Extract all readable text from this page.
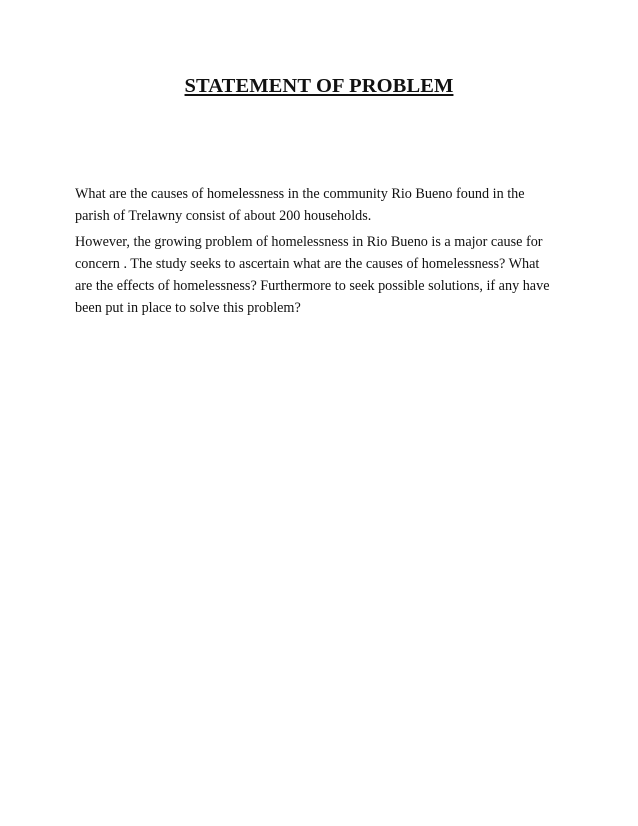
STATEMENT OF PROBLEM

What are the causes of homelessness in the community Rio Bueno found in the
parish of Trelawny consist of about 200 households.

However, the growing problem of homelessness in Rio Bueno is a major cause for
concern . The study seeks to ascertain what are the causes of homelessness? What
are the effects of homelessness? Furthermore to seek possible solutions, if any have
been put in place to solve this problem?
